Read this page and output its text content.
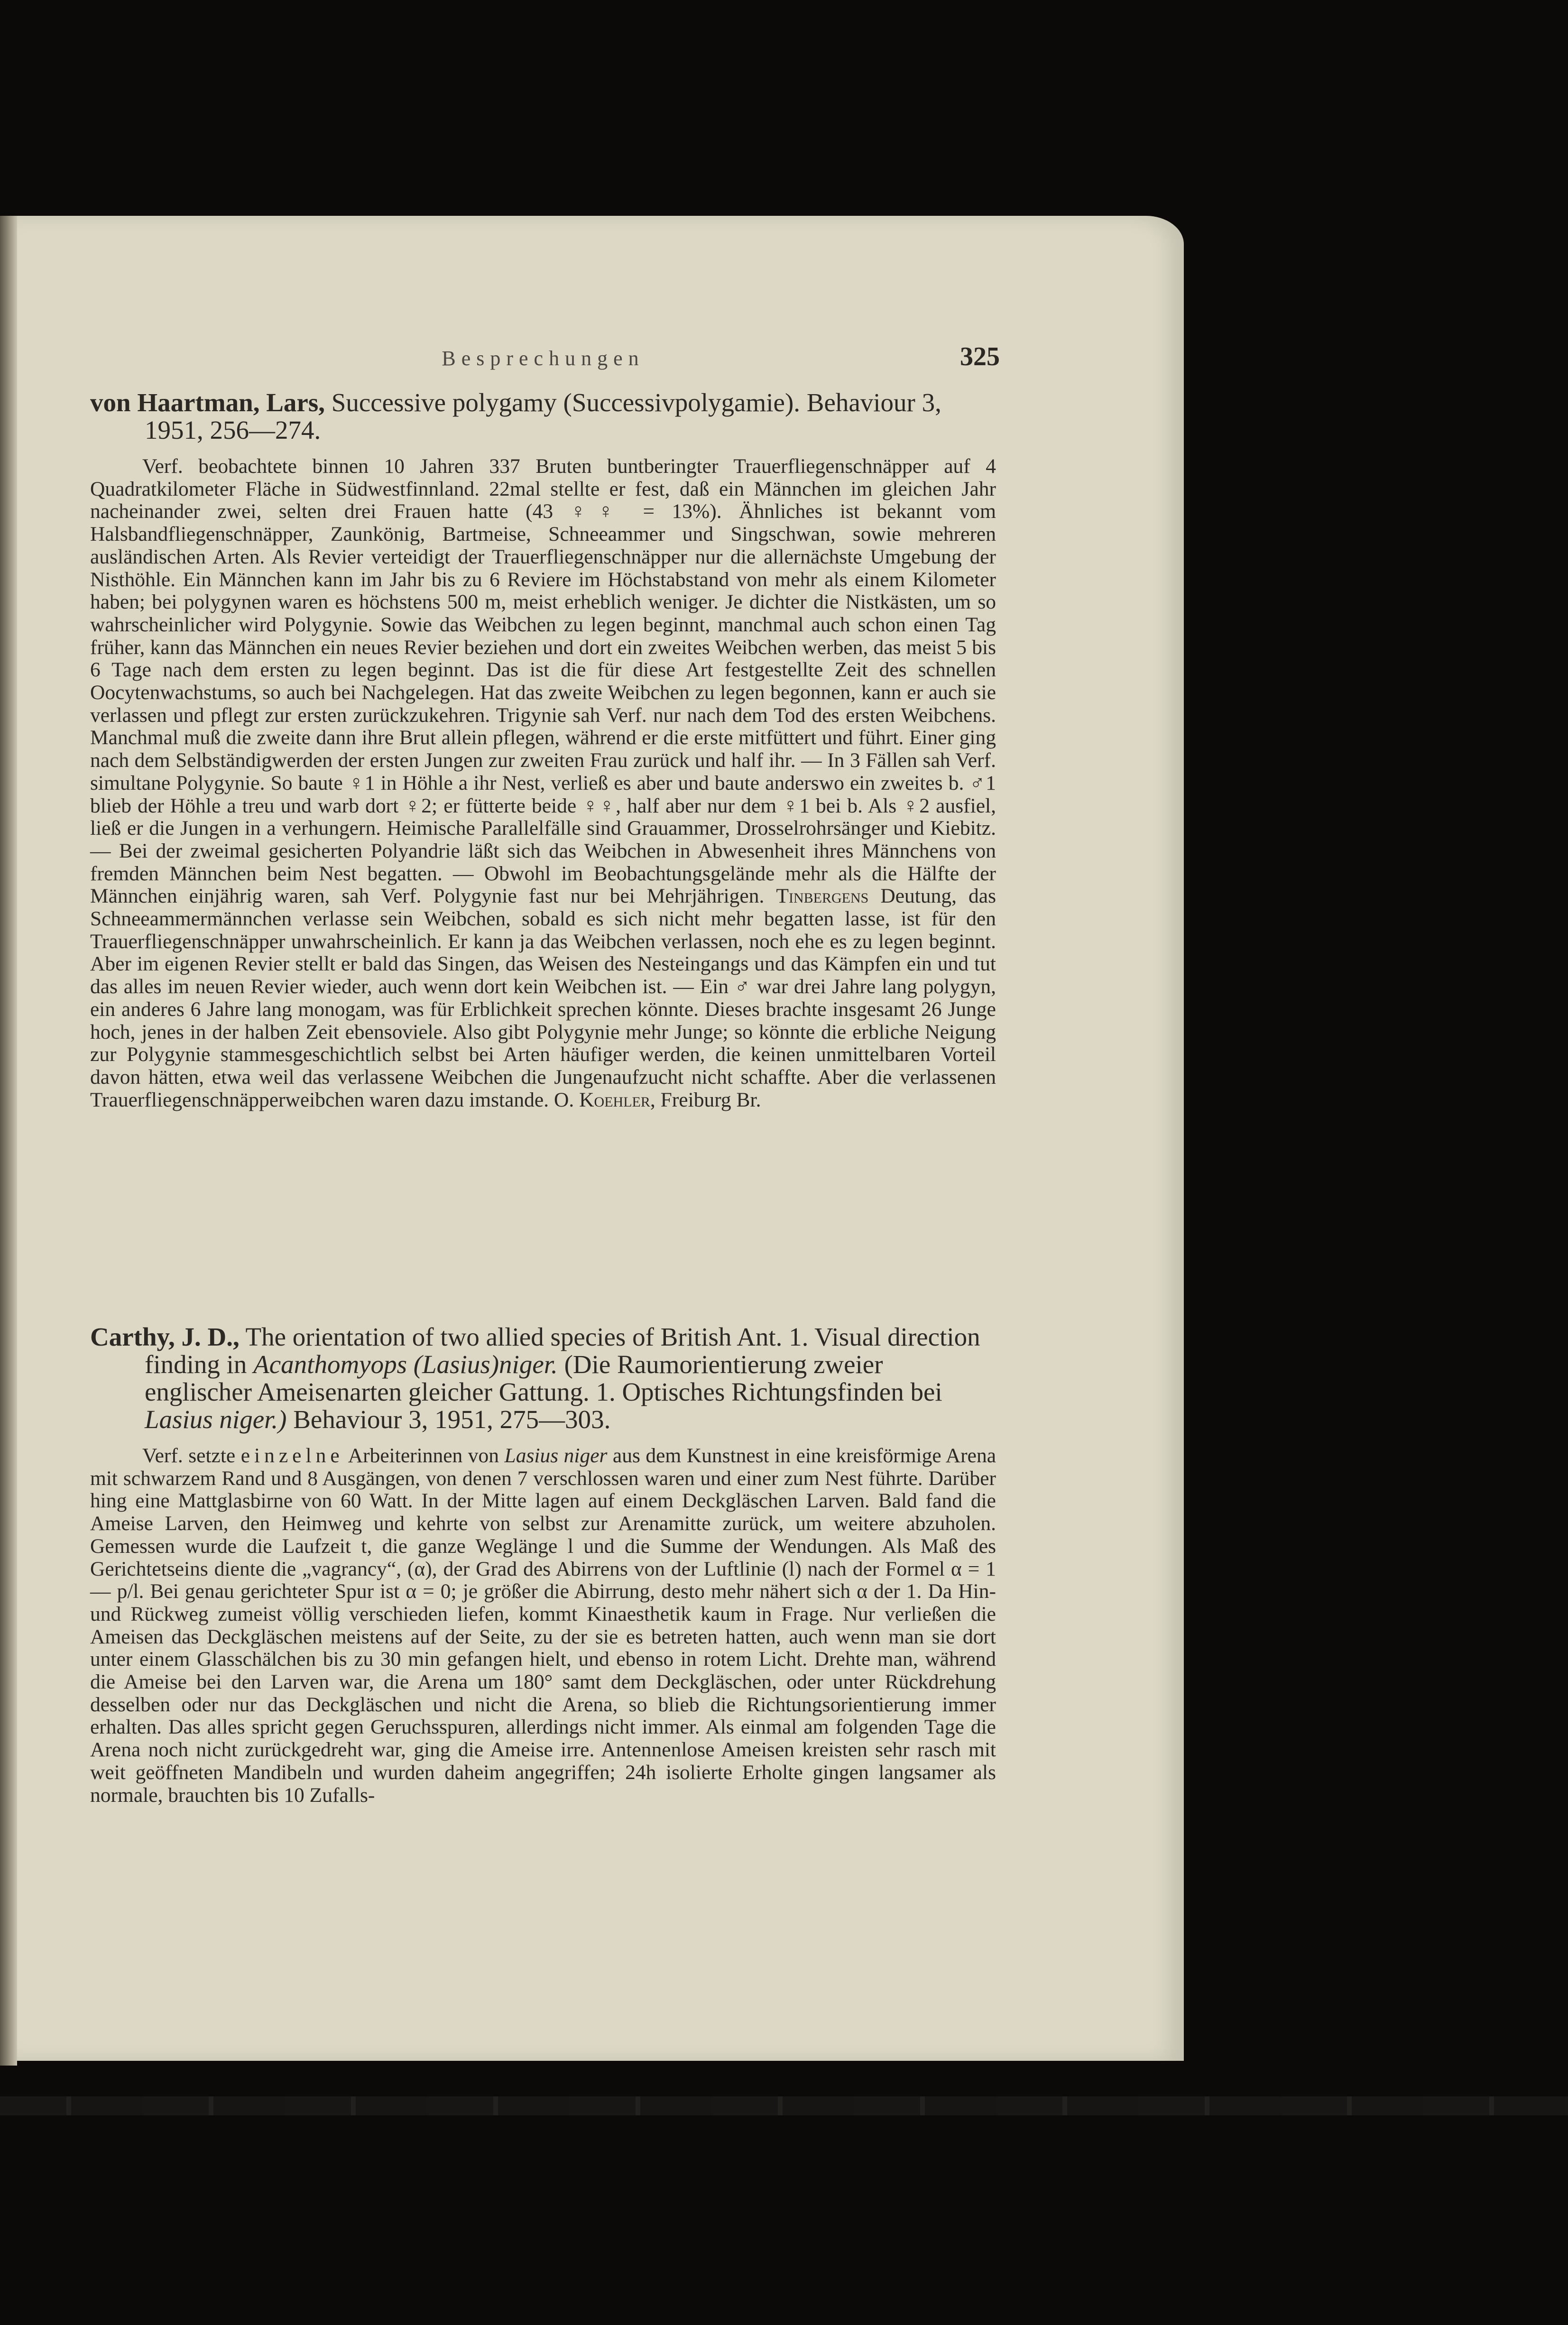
Besprechungen	325

von Haartman, Lars, Successive polygamy (Successivpolygamie). Behaviour 3, 1951, 256—274.

Verf. beobachtete binnen 10 Jahren 337 Bruten buntberingter Trauerfliegenschnäpper auf 4 Quadratkilometer Fläche in Südwestfinnland. 22mal stellte er fest, daß ein Männchen im gleichen Jahr nacheinander zwei, selten drei Frauen hatte (43 ♀♀ = 13%). Ähnliches ist bekannt vom Halsbandfliegenschnäpper, Zaunkönig, Bartmeise, Schneeammer und Singschwan, sowie mehreren ausländischen Arten. Als Revier verteidigt der Trauerfliegenschnäpper nur die allernächste Umgebung der Nisthöhle. Ein Männchen kann im Jahr bis zu 6 Reviere im Höchstabstand von mehr als einem Kilometer haben; bei polygynen waren es höchstens 500 m, meist erheblich weniger. Je dichter die Nistkästen, um so wahrscheinlicher wird Polygynie. Sowie das Weibchen zu legen beginnt, manchmal auch schon einen Tag früher, kann das Männchen ein neues Revier beziehen und dort ein zweites Weibchen werben, das meist 5 bis 6 Tage nach dem ersten zu legen beginnt. Das ist die für diese Art festgestellte Zeit des schnellen Oocytenwachstums, so auch bei Nachgelegen. Hat das zweite Weibchen zu legen begonnen, kann er auch sie verlassen und pflegt zur ersten zurückzukehren. Trigynie sah Verf. nur nach dem Tod des ersten Weibchens. Manchmal muß die zweite dann ihre Brut allein pflegen, während er die erste mitfüttert und führt. Einer ging nach dem Selbständigwerden der ersten Jungen zur zweiten Frau zurück und half ihr. — In 3 Fällen sah Verf. simultane Polygynie. So baute ♀1 in Höhle a ihr Nest, verließ es aber und baute anderswo ein zweites b. ♂1 blieb der Höhle a treu und warb dort ♀2; er fütterte beide ♀♀, half aber nur dem ♀1 bei b. Als ♀2 ausfiel, ließ er die Jungen in a verhungern. Heimische Parallelfälle sind Grauammer, Drosselrohrsänger und Kiebitz. — Bei der zweimal gesicherten Polyandrie läßt sich das Weibchen in Abwesenheit ihres Männchens von fremden Männchen beim Nest begatten. — Obwohl im Beobachtungsgelände mehr als die Hälfte der Männchen einjährig waren, sah Verf. Polygynie fast nur bei Mehrjährigen. Tinbergens Deutung, das Schneeammermännchen verlasse sein Weibchen, sobald es sich nicht mehr begatten lasse, ist für den Trauerfliegenschnäpper unwahrscheinlich. Er kann ja das Weibchen verlassen, noch ehe es zu legen beginnt. Aber im eigenen Revier stellt er bald das Singen, das Weisen des Nesteingangs und das Kämpfen ein und tut das alles im neuen Revier wieder, auch wenn dort kein Weibchen ist. — Ein ♂ war drei Jahre lang polygyn, ein anderes 6 Jahre lang monogam, was für Erblichkeit sprechen könnte. Dieses brachte insgesamt 26 Junge hoch, jenes in der halben Zeit ebensoviele. Also gibt Polygynie mehr Junge; so könnte die erbliche Neigung zur Polygynie stammesgeschichtlich selbst bei Arten häufiger werden, die keinen unmittelbaren Vorteil davon hätten, etwa weil das verlassene Weibchen die Jungenaufzucht nicht schaffte. Aber die verlassenen Trauerfliegenschnäpperweibchen waren dazu imstande. O. Koehler, Freiburg Br.

Carthy, J. D., The orientation of two allied species of British Ant. 1. Visual direction finding in Acanthomyops (Lasius)niger. (Die Raumorientierung zweier englischer Ameisenarten gleicher Gattung. 1. Optisches Richtungsfinden bei Lasius niger.) Behaviour 3, 1951, 275—303.

Verf. setzte einzelne Arbeiterinnen von Lasius niger aus dem Kunstnest in eine kreisförmige Arena mit schwarzem Rand und 8 Ausgängen, von denen 7 verschlossen waren und einer zum Nest führte. Darüber hing eine Mattglasbirne von 60 Watt. In der Mitte lagen auf einem Deckgläschen Larven. Bald fand die Ameise Larven, den Heimweg und kehrte von selbst zur Arenamitte zurück, um weitere abzuholen. Gemessen wurde die Laufzeit t, die ganze Weglänge l und die Summe der Wendungen. Als Maß des Gerichtetseins diente die „vagrancy“, (α), der Grad des Abirrens von der Luftlinie (l) nach der Formel α = 1 — p/l. Bei genau gerichteter Spur ist α = 0; je größer die Abirrung, desto mehr nähert sich α der 1. Da Hin- und Rückweg zumeist völlig verschieden liefen, kommt Kinaesthetik kaum in Frage. Nur verließen die Ameisen das Deckgläschen meistens auf der Seite, zu der sie es betreten hatten, auch wenn man sie dort unter einem Glasschälchen bis zu 30 min gefangen hielt, und ebenso in rotem Licht. Drehte man, während die Ameise bei den Larven war, die Arena um 180° samt dem Deckgläschen, oder unter Rückdrehung desselben oder nur das Deckgläschen und nicht die Arena, so blieb die Richtungsorientierung immer erhalten. Das alles spricht gegen Geruchsspuren, allerdings nicht immer. Als einmal am folgenden Tage die Arena noch nicht zurückgedreht war, ging die Ameise irre. Antennenlose Ameisen kreisten sehr rasch mit weit geöffneten Mandibeln und wurden daheim angegriffen; 24h isolierte Erholte gingen langsamer als normale, brauchten bis 10 Zufalls-
